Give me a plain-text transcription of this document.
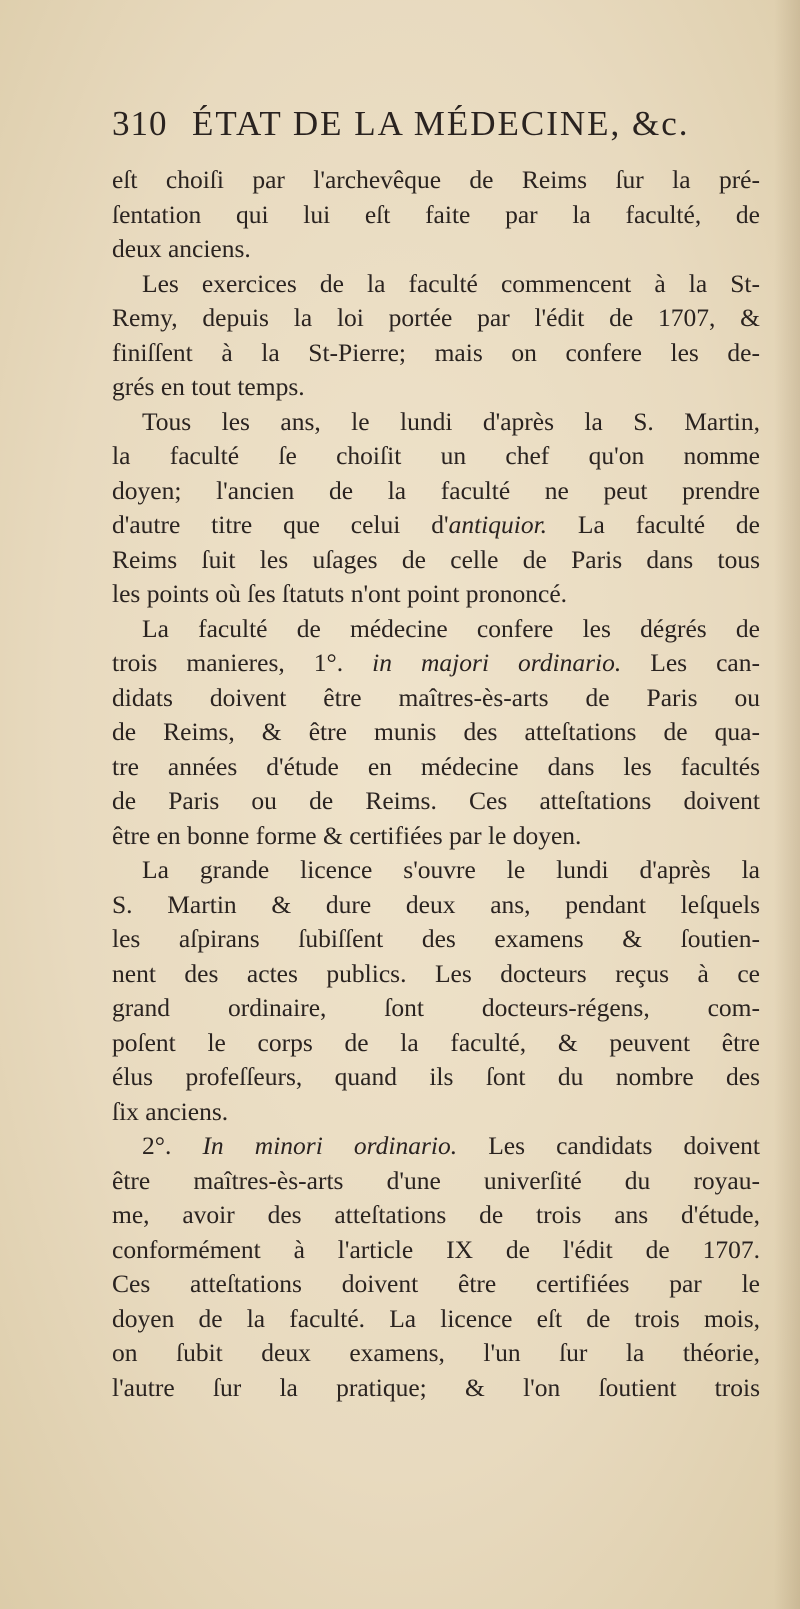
310 ÉTAT DE LA MÉDECINE, &c.
eſt choiſi par l'archevêque de Reims ſur la pré-
ſentation qui lui eſt faite par la faculté, de
deux anciens.
Les exercices de la faculté commencent à la St-
Remy, depuis la loi portée par l'édit de 1707, &
finiſſent à la St-Pierre; mais on confere les de-
grés en tout temps.
Tous les ans, le lundi d'après la S. Martin,
la faculté ſe choiſit un chef qu'on nomme
doyen; l'ancien de la faculté ne peut prendre
d'autre titre que celui d'antiquior. La faculté de
Reims ſuit les uſages de celle de Paris dans tous
les points où ſes ſtatuts n'ont point prononcé.
La faculté de médecine confere les dégrés de
trois manieres, 1°. in majori ordinario. Les can-
didats doivent être maîtres-ès-arts de Paris ou
de Reims, & être munis des atteſtations de qua-
tre années d'étude en médecine dans les facultés
de Paris ou de Reims. Ces atteſtations doivent
être en bonne forme & certifiées par le doyen.
La grande licence s'ouvre le lundi d'après la
S. Martin & dure deux ans, pendant leſquels
les aſpirans ſubiſſent des examens & ſoutien-
nent des actes publics. Les docteurs reçus à ce
grand ordinaire, ſont docteurs-régens, com-
poſent le corps de la faculté, & peuvent être
élus profeſſeurs, quand ils ſont du nombre des
ſix anciens.
2°. In minori ordinario. Les candidats doivent
être maîtres-ès-arts d'une univerſité du royau-
me, avoir des atteſtations de trois ans d'étude,
conformément à l'article IX de l'édit de 1707.
Ces atteſtations doivent être certifiées par le
doyen de la faculté. La licence eſt de trois mois,
on ſubit deux examens, l'un ſur la théorie,
l'autre ſur la pratique; & l'on ſoutient trois
